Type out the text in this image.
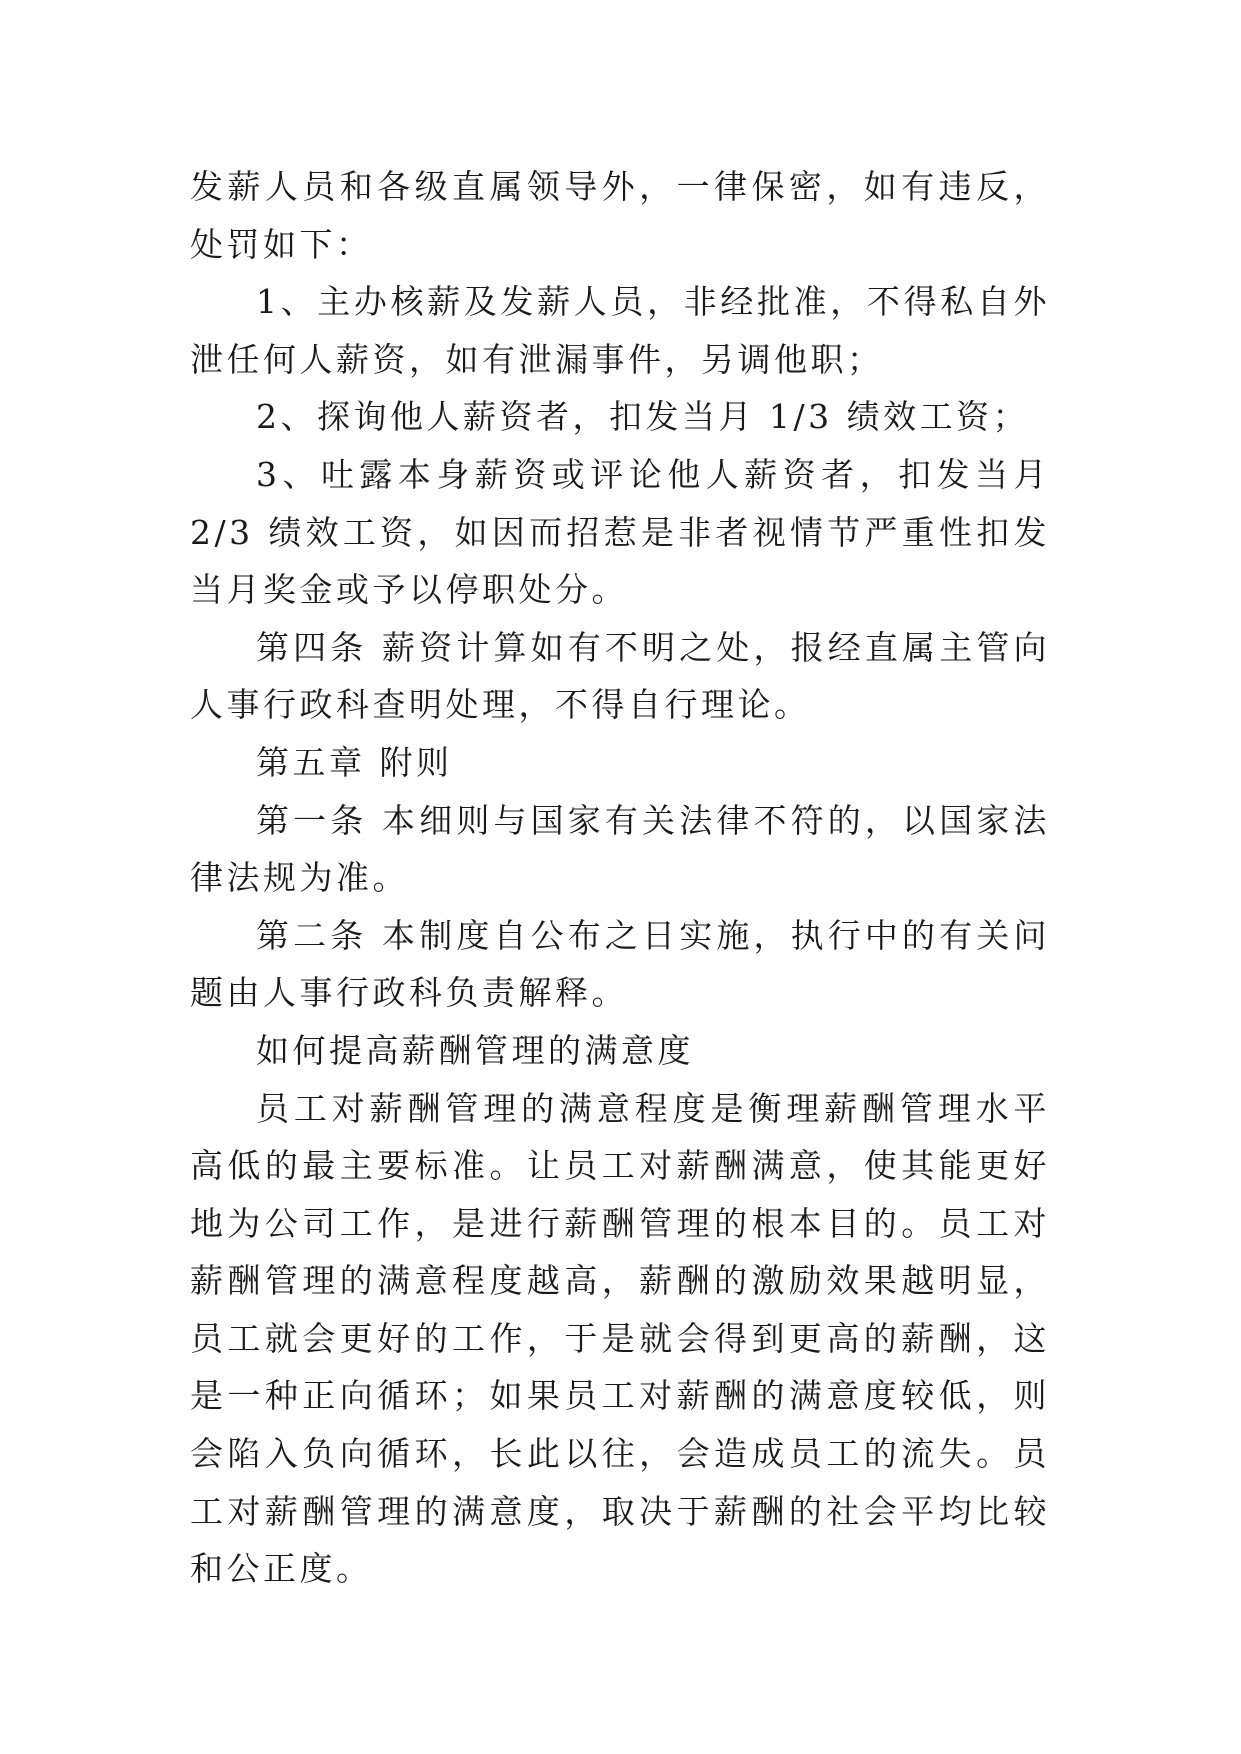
发薪人员和各级直属领导外，一律保密，如有违反，处罚如下：

1、主办核薪及发薪人员，非经批准，不得私自外泄任何人薪资，如有泄漏事件，另调他职；

2、探询他人薪资者，扣发当月 1/3 绩效工资；

3、吐露本身薪资或评论他人薪资者，扣发当月 2/3 绩效工资，如因而招惹是非者视情节严重性扣发当月奖金或予以停职处分。

第四条 薪资计算如有不明之处，报经直属主管向人事行政科查明处理，不得自行理论。

第五章 附则

第一条 本细则与国家有关法律不符的，以国家法律法规为准。

第二条 本制度自公布之日实施，执行中的有关问题由人事行政科负责解释。

如何提高薪酬管理的满意度

员工对薪酬管理的满意程度是衡理薪酬管理水平高低的最主要标准。让员工对薪酬满意，使其能更好地为公司工作，是进行薪酬管理的根本目的。员工对薪酬管理的满意程度越高，薪酬的激励效果越明显，员工就会更好的工作，于是就会得到更高的薪酬，这是一种正向循环；如果员工对薪酬的满意度较低，则会陷入负向循环，长此以往，会造成员工的流失。员工对薪酬管理的满意度，取决于薪酬的社会平均比较和公正度。
